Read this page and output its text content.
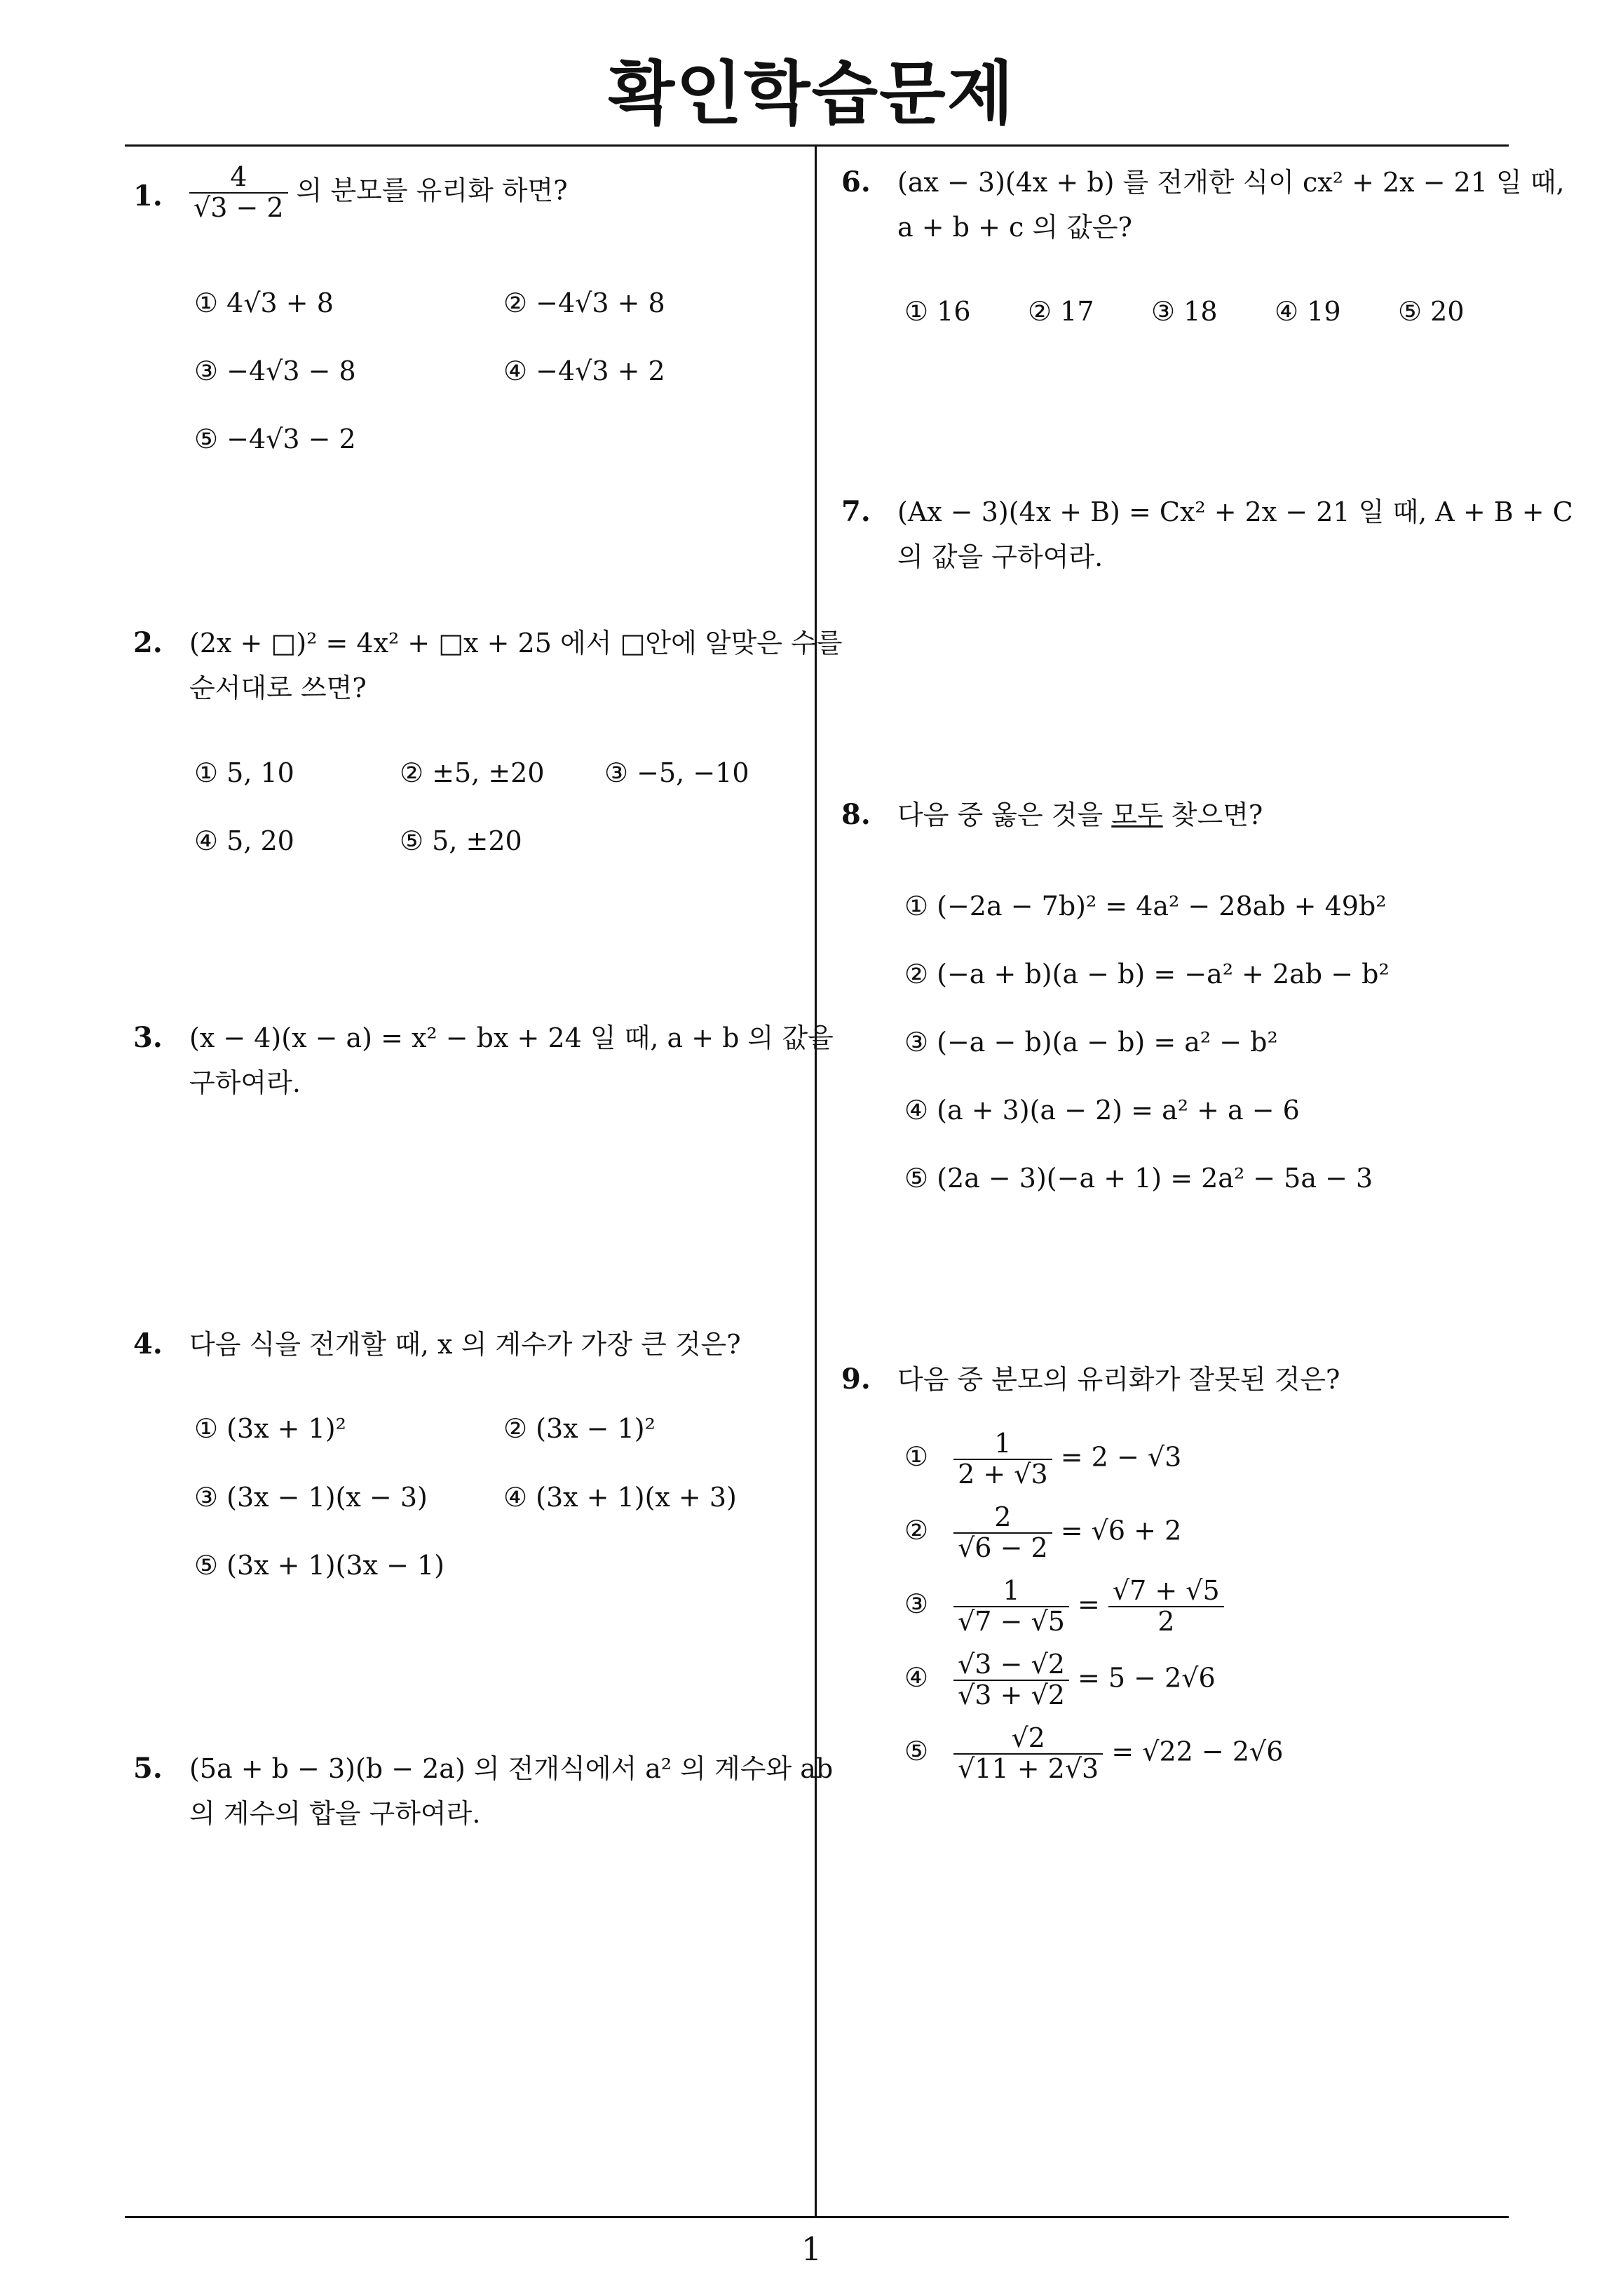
확인학습문제
1
1. $\frac{4}{√3 - 2}$ 의 분모를 유리화 하면?
① 4√3 + 8	② −4√3 + 8
③ −4√3 − 8	④ −4√3 + 2
⑤ −4√3 − 2
2. (2x + □)² = 4x² + □x + 25 에서 □안에 알맞은 수를
순서대로 쓰면?
① 5, 10	② ±5, ±20 ③ −5, −10
④ 5, 20	⑤ 5, ±20
3. (x − 4)(x − a) = x² − bx + 24 일 때, a + b 의 값을
구하여라.
4. 다음 식을 전개할 때, x 의 계수가 가장 큰 것은?
① (3x + 1)²	② (3x − 1)²
③ (3x − 1)(x − 3)	④ (3x + 1)(x + 3)
⑤ (3x + 1)(3x − 1)
5. (5a + b − 3)(b − 2a) 의 전개식에서 a² 의 계수와 ab
의 계수의 합을 구하여라.
6. (ax − 3)(4x + b) 를 전개한 식이 cx² + 2x − 21 일 때,
a + b + c 의 값은?
① 16 ② 17 ③ 18 ④ 19 ⑤ 20
7. (Ax − 3)(4x + B) = Cx² + 2x − 21 일 때, A + B + C
의 값을 구하여라.
8. 다음 중 옳은 것을 모두 찾으면?
① (−2a − 7b)² = 4a² − 28ab + 49b²
② (−a + b)(a − b) = −a² + 2ab − b²
③ (−a − b)(a − b) = a² − b²
④ (a + 3)(a − 2) = a² + a − 6
⑤ (2a − 3)(−a + 1) = 2a² − 5a − 3
9. 다음 중 분모의 유리화가 잘못된 것은?
① $\frac{1}{2 + √3} = 2 - √3$
② $\frac{2}{√6 - 2} = √6 + 2$
③ $\frac{1}{√7 - √5} = \frac{√7 + √5}{2}$
④ $\frac{√3 - √2}{√3 + √2} = 5 - 2√6$
⑤ $\frac{√2}{√11 + 2√3} = √22 - 2√6$
